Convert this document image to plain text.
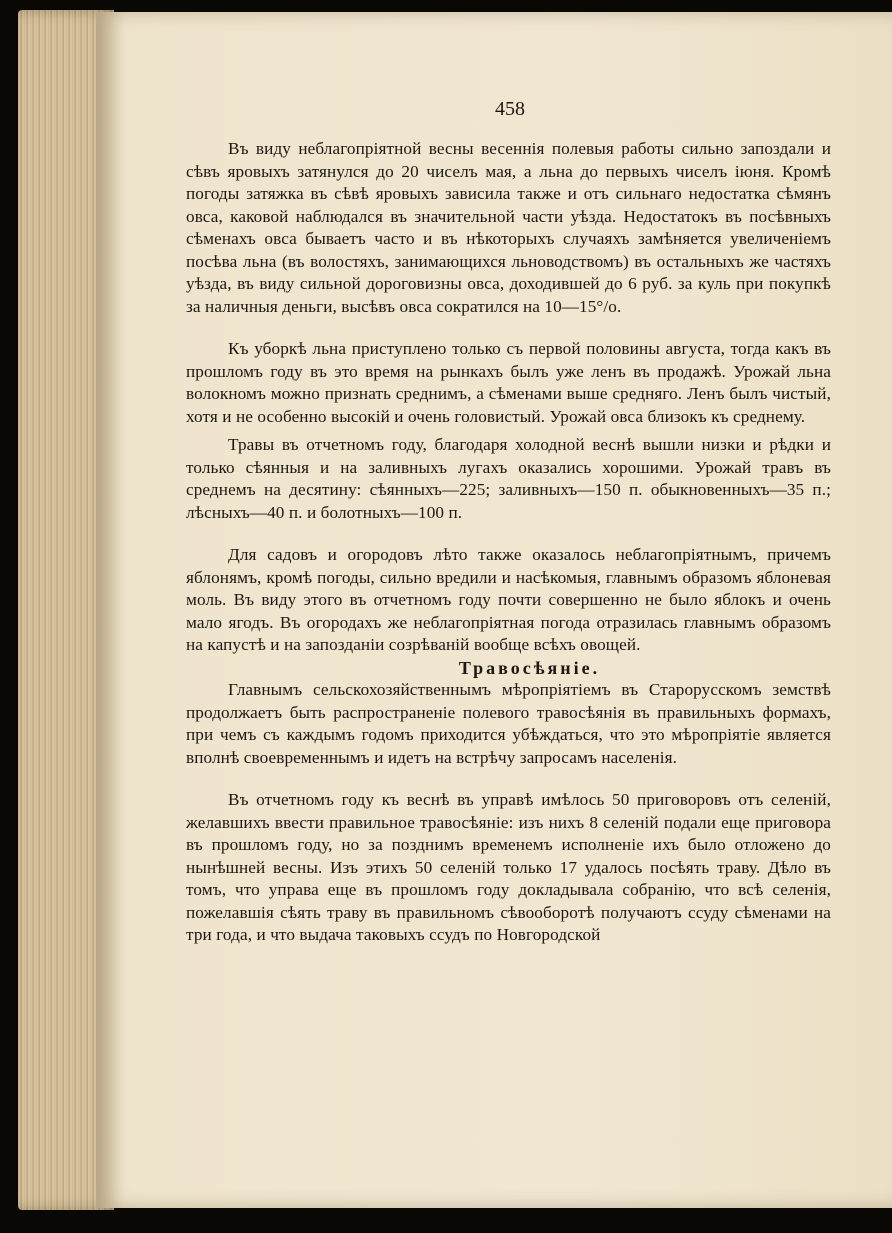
458

Въ виду неблагопріятной весны весеннія полевыя работы сильно запоздали и сѣвъ яровыхъ затянулся до 20 чиселъ мая, а льна до первыхъ чиселъ іюня. Кромѣ погоды затяжка въ сѣвѣ яровыхъ зависила также и отъ сильнаго недостатка сѣмянъ овса, каковой наблюдался въ значительной части уѣзда. Недостатокъ въ посѣвныхъ сѣменахъ овса бываетъ часто и въ нѣкоторыхъ случаяхъ замѣняется увеличеніемъ посѣва льна (въ волостяхъ, занимающихся льноводствомъ) въ остальныхъ же частяхъ уѣзда, въ виду сильной дороговизны овса, доходившей до 6 руб. за куль при покупкѣ за наличныя деньги, высѣвъ овса сократился на 10—15°/o.

Къ уборкѣ льна приступлено только съ первой половины августа, тогда какъ въ прошломъ году въ это время на рынкахъ былъ уже ленъ въ продажѣ. Урожай льна волокномъ можно признать среднимъ, а сѣменами выше средняго. Ленъ былъ чистый, хотя и не особенно высокій и очень головистый. Урожай овса близокъ къ среднему.

Травы въ отчетномъ году, благодаря холодной веснѣ вышли низки и рѣдки и только сѣянныя и на заливныхъ лугахъ оказались хорошими. Урожай травъ въ среднемъ на десятину: сѣянныхъ—225; заливныхъ—150 п. обыкновенныхъ—35 п.; лѣсныхъ—40 п. и болотныхъ—100 п.

Для садовъ и огородовъ лѣто также оказалось неблагопріятнымъ, причемъ яблонямъ, кромѣ погоды, сильно вредили и насѣкомыя, главнымъ образомъ яблоневая моль. Въ виду этого въ отчетномъ году почти совершенно не было яблокъ и очень мало ягодъ. Въ огородахъ же неблагопріятная погода отразилась главнымъ образомъ на капустѣ и на запозданіи созрѣваній вообще всѣхъ овощей.

Травосѣяніе.

Главнымъ сельскохозяйственнымъ мѣропріятіемъ въ Старорусскомъ земствѣ продолжаетъ быть распространеніе полевого травосѣянія въ правильныхъ формахъ, при чемъ съ каждымъ годомъ приходится убѣждаться, что это мѣропріятіе является вполнѣ своевременнымъ и идетъ на встрѣчу запросамъ населенія.

Въ отчетномъ году къ веснѣ въ управѣ имѣлось 50 приговоровъ отъ селеній, желавшихъ ввести правильное травосѣяніе: изъ нихъ 8 селеній подали еще приговора въ прошломъ году, но за позднимъ временемъ исполненіе ихъ было отложено до нынѣшней весны. Изъ этихъ 50 селеній только 17 удалось посѣять траву. Дѣло въ томъ, что управа еще въ прошломъ году докладывала собранію, что всѣ селенія, пожелавшія сѣять траву въ правильномъ сѣвооборотѣ получаютъ ссуду сѣменами на три года, и что выдача таковыхъ ссудъ по Новгородской
